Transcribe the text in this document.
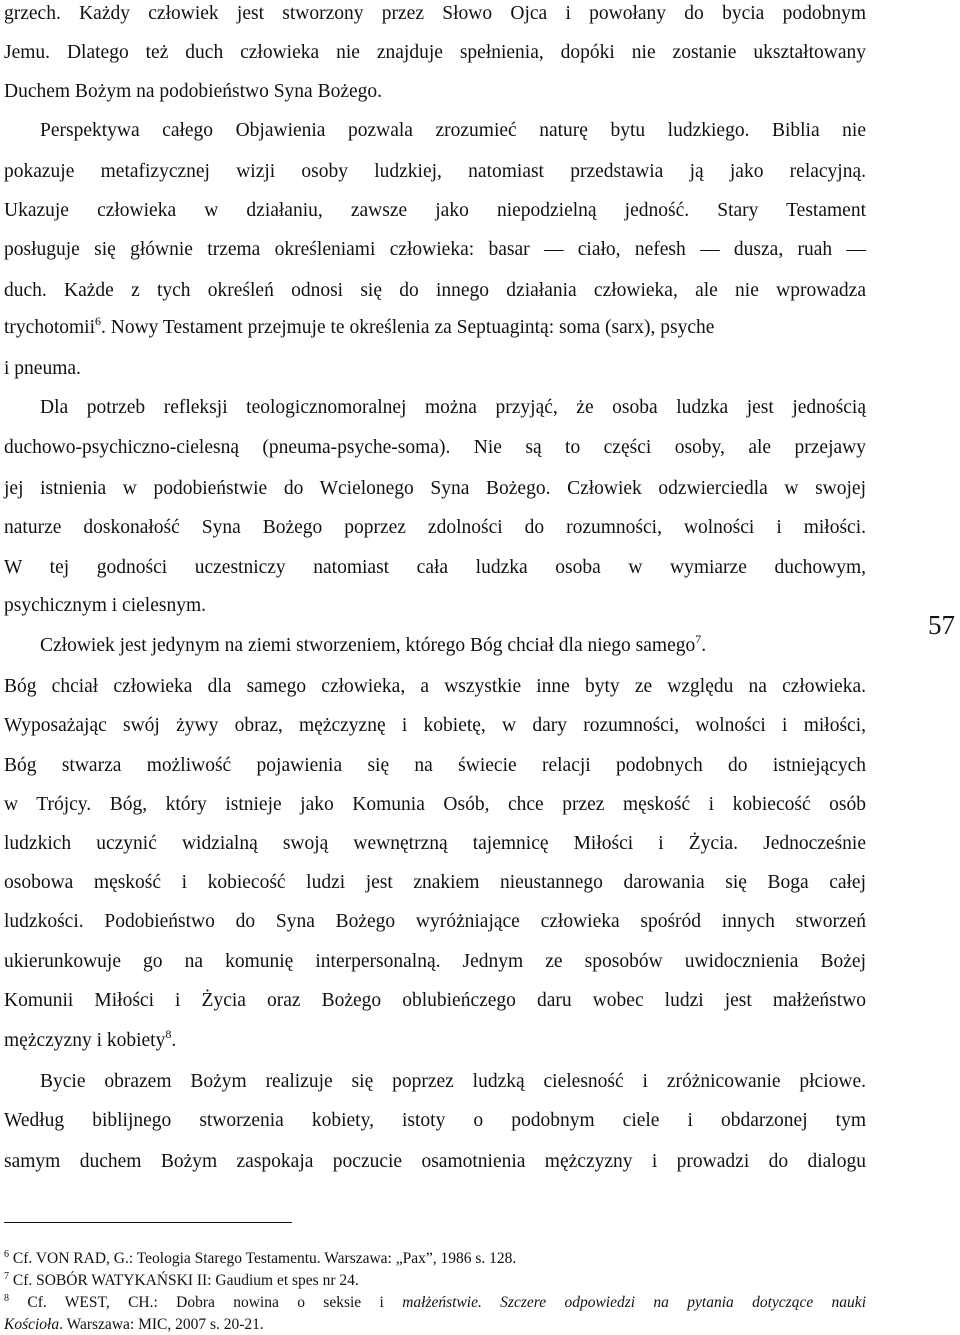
grzech. Każdy człowiek jest stworzony przez Słowo Ojca i powołany do bycia podobnym
Jemu. Dlatego też duch człowieka nie znajduje spełnienia, dopóki nie zostanie ukształtowany
Duchem Bożym na podobieństwo Syna Bożego.
Perspektywa całego Objawienia pozwala zrozumieć naturę bytu ludzkiego. Biblia nie
pokazuje metafizycznej wizji osoby ludzkiej, natomiast przedstawia ją jako relacyjną.
Ukazuje człowieka w działaniu, zawsze jako niepodzielną jedność. Stary Testament
posługuje się głównie trzema określeniami człowieka: basar — ciało, nefesh — dusza, ruah —
duch. Każde z tych określeń odnosi się do innego działania człowieka, ale nie wprowadza
trychotomii$^6$. Nowy Testament przejmuje te określenia za Septuagintą: soma (sarx), psyche
i pneuma.
Dla potrzeb refleksji teologicznomoralnej można przyjąć, że osoba ludzka jest jednością
duchowo-psychiczno-cielesną (pneuma-psyche-soma). Nie są to części osoby, ale przejawy
jej istnienia w podobieństwie do Wcielonego Syna Bożego. Człowiek odzwierciedla w swojej
naturze doskonałość Syna Bożego poprzez zdolności do rozumności, wolności i miłości.
W tej godności uczestniczy natomiast cała ludzka osoba w wymiarze duchowym,
psychicznym i cielesnym.
Człowiek jest jedynym na ziemi stworzeniem, którego Bóg chciał dla niego samego$^7$.
Bóg chciał człowieka dla samego człowieka, a wszystkie inne byty ze względu na człowieka.
Wyposażając swój żywy obraz, mężczyznę i kobietę, w dary rozumności, wolności i miłości,
Bóg stwarza możliwość pojawienia się na świecie relacji podobnych do istniejących
w Trójcy. Bóg, który istnieje jako Komunia Osób, chce przez męskość i kobiecość osób
ludzkich uczynić widzialną swoją wewnętrzną tajemnicę Miłości i Życia. Jednocześnie
osobowa męskość i kobiecość ludzi jest znakiem nieustannego darowania się Boga całej
ludzkości. Podobieństwo do Syna Bożego wyróżniające człowieka spośród innych stworzeń
ukierunkowuje go na komunię interpersonalną. Jednym ze sposobów uwidocznienia Bożej
Komunii Miłości i Życia oraz Bożego oblubieńczego daru wobec ludzi jest małżeństwo
mężczyzny i kobiety$^8$.
Bycie obrazem Bożym realizuje się poprzez ludzką cielesność i zróżnicowanie płciowe.
Według biblijnego stworzenia kobiety, istoty o podobnym ciele i obdarzonej tym
samym duchem Bożym zaspokaja poczucie osamotnienia mężczyzny i prowadzi do dialogu
57
$^6$ Cf. VON RAD, G.: Teologia Starego Testamentu. Warszawa: „Pax”, 1986 s. 128.
$^7$ Cf. SOBÓR WATYKAŃSKI II: Gaudium et spes nr 24.
$^8$ Cf. WEST, CH.: Dobra nowina o seksie i małżeństwie. Szczere odpowiedzi na pytania dotyczące nauki
Kościoła. Warszawa: MIC, 2007 s. 20-21.
